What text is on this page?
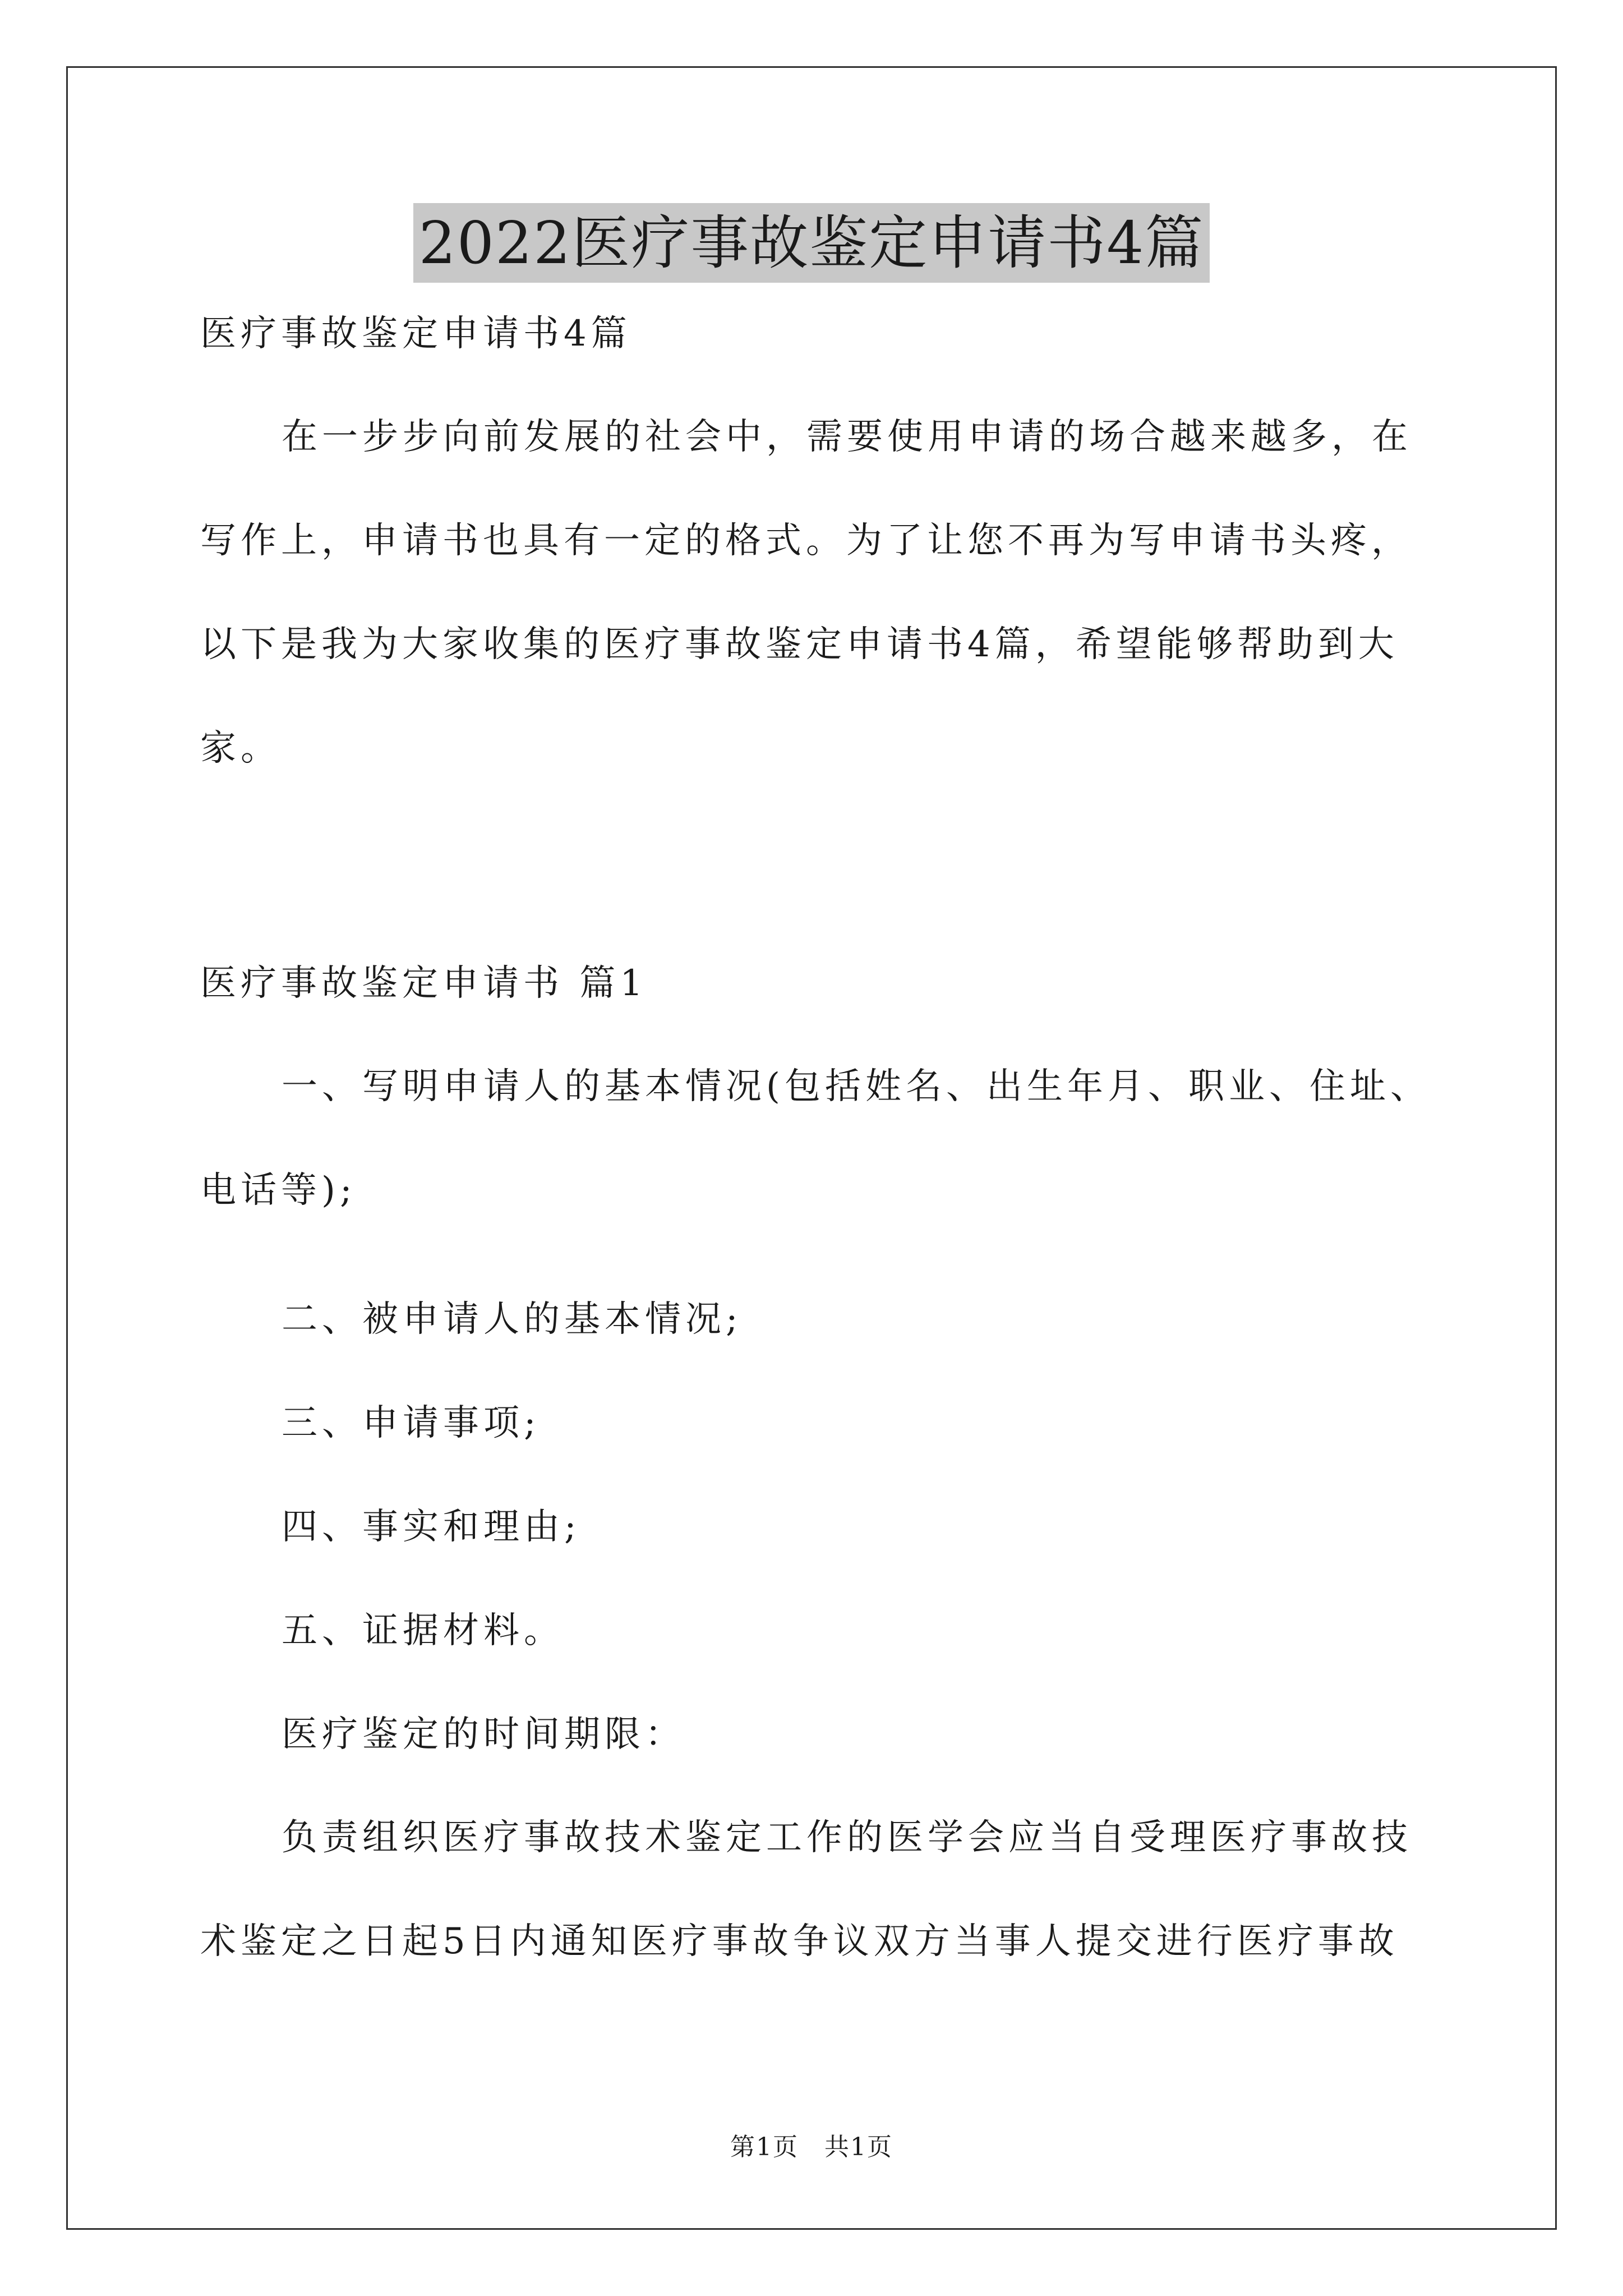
2022医疗事故鉴定申请书4篇

医疗事故鉴定申请书4篇

在一步步向前发展的社会中，需要使用申请的场合越来越多，在写作上，申请书也具有一定的格式。为了让您不再为写申请书头疼，以下是我为大家收集的医疗事故鉴定申请书4篇，希望能够帮助到大家。

医疗事故鉴定申请书 篇1

一、写明申请人的基本情况(包括姓名、出生年月、职业、住址、电话等);

二、被申请人的基本情况;

三、申请事项;

四、事实和理由;

五、证据材料。

医疗鉴定的时间期限：

负责组织医疗事故技术鉴定工作的医学会应当自受理医疗事故技术鉴定之日起5日内通知医疗事故争议双方当事人提交进行医疗事故

第1页　共1页
